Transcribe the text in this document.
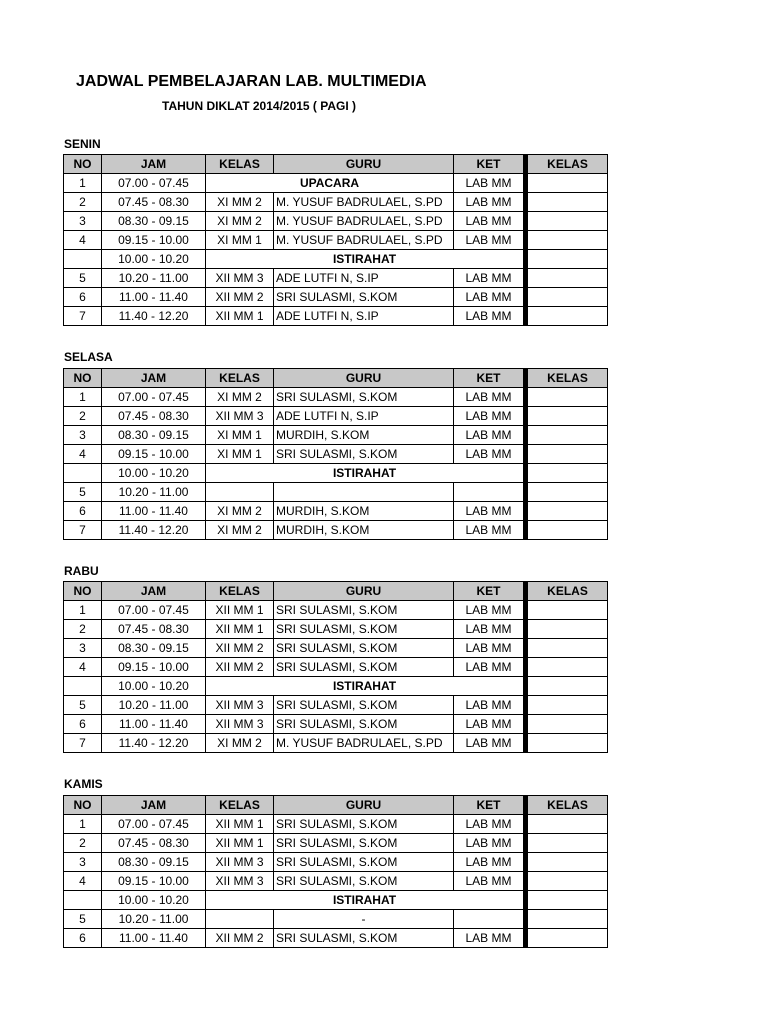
JADWAL PEMBELAJARAN LAB. MULTIMEDIA
TAHUN DIKLAT 2014/2015 ( PAGI )
SENIN
NO	JAM	KELAS	GURU	KET	KELAS
1	07.00 - 07.45	UPACARA		LAB MM	
2	07.45 - 08.30	XI MM 2	M. YUSUF BADRULAEL, S.PD	LAB MM	
3	08.30 - 09.15	XI MM 2	M. YUSUF BADRULAEL, S.PD	LAB MM	
4	09.15 - 10.00	XI MM 1	M. YUSUF BADRULAEL, S.PD	LAB MM	
	10.00 - 10.20	ISTIRAHAT			
5	10.20 - 11.00	XII MM 3	ADE LUTFI N, S.IP	LAB MM	
6	11.00 - 11.40	XII MM 2	SRI SULASMI, S.KOM	LAB MM	
7	11.40 - 12.20	XII MM 1	ADE LUTFI N, S.IP	LAB MM	
SELASA
NO	JAM	KELAS	GURU	KET	KELAS
1	07.00 - 07.45	XI MM 2	SRI SULASMI, S.KOM	LAB MM	
2	07.45 - 08.30	XII MM 3	ADE LUTFI N, S.IP	LAB MM	
3	08.30 - 09.15	XI MM 1	MURDIH, S.KOM	LAB MM	
4	09.15 - 10.00	XI MM 1	SRI SULASMI, S.KOM	LAB MM	
	10.00 - 10.20	ISTIRAHAT			
5	10.20 - 11.00				
6	11.00 - 11.40	XI MM 2	MURDIH, S.KOM	LAB MM	
7	11.40 - 12.20	XI MM 2	MURDIH, S.KOM	LAB MM	
RABU
NO	JAM	KELAS	GURU	KET	KELAS
1	07.00 - 07.45	XII MM 1	SRI SULASMI, S.KOM	LAB MM	
2	07.45 - 08.30	XII MM 1	SRI SULASMI, S.KOM	LAB MM	
3	08.30 - 09.15	XII MM 2	SRI SULASMI, S.KOM	LAB MM	
4	09.15 - 10.00	XII MM 2	SRI SULASMI, S.KOM	LAB MM	
	10.00 - 10.20	ISTIRAHAT			
5	10.20 - 11.00	XII MM 3	SRI SULASMI, S.KOM	LAB MM	
6	11.00 - 11.40	XII MM 3	SRI SULASMI, S.KOM	LAB MM	
7	11.40 - 12.20	XI MM 2	M. YUSUF BADRULAEL, S.PD	LAB MM	
KAMIS
NO	JAM	KELAS	GURU	KET	KELAS
1	07.00 - 07.45	XII MM 1	SRI SULASMI, S.KOM	LAB MM	
2	07.45 - 08.30	XII MM 1	SRI SULASMI, S.KOM	LAB MM	
3	08.30 - 09.15	XII MM 3	SRI SULASMI, S.KOM	LAB MM	
4	09.15 - 10.00	XII MM 3	SRI SULASMI, S.KOM	LAB MM	
	10.00 - 10.20	ISTIRAHAT			
5	10.20 - 11.00		-		
6	11.00 - 11.40	XII MM 2	SRI SULASMI, S.KOM	LAB MM	
